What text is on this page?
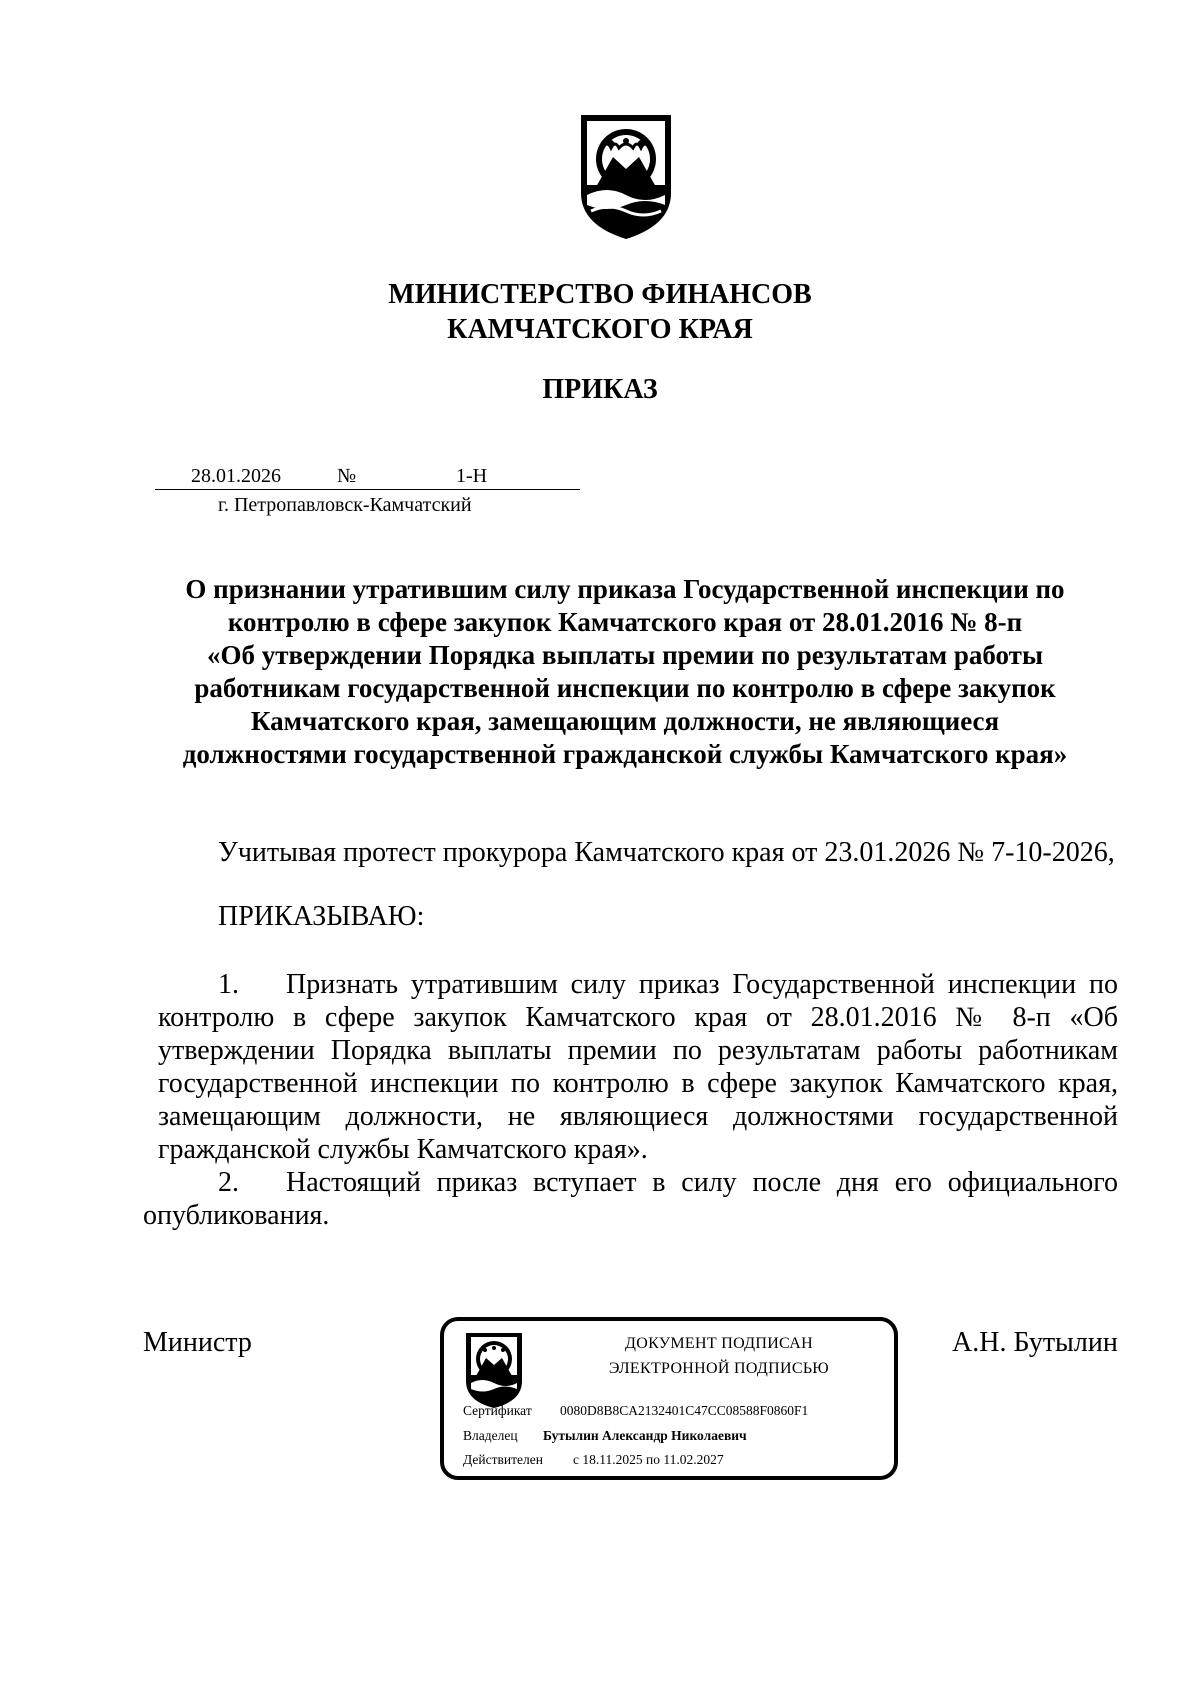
МИНИСТЕРСТВО ФИНАНСОВ
КАМЧАТСКОГО КРАЯ
ПРИКАЗ
28.01.2026	№	1-Н
г. Петропавловск-Камчатский
О признании утратившим силу приказа Государственной инспекции по
контролю в сфере закупок Камчатского края от 28.01.2016 № 8-п
«Об утверждении Порядка выплаты премии по результатам работы
работникам государственной инспекции по контролю в сфере закупок
Камчатского края, замещающим должности, не являющиеся
должностями государственной гражданской службы Камчатского края»
Учитывая протест прокурора Камчатского края от 23.01.2026 № 7-10-2026,
ПРИКАЗЫВАЮ:
1. Признать утратившим силу приказ Государственной инспекции по контролю в сфере закупок Камчатского края от 28.01.2016 № 8-п «Об утверждении Порядка выплаты премии по результатам работы работникам государственной инспекции по контролю в сфере закупок Камчатского края, замещающим должности, не являющиеся должностями государственной гражданской службы Камчатского края».
2.	Настоящий приказ вступает в силу после дня его официального опубликования.
Министр	А.Н. Бутылин
ДОКУМЕНТ ПОДПИСАН
ЭЛЕКТРОННОЙ ПОДПИСЬЮ
Сертификат 0080D8B8CA2132401C47CC08588F0860F1
Владелец Бутылин Александр Николаевич
Действителен с 18.11.2025 по 11.02.2027
